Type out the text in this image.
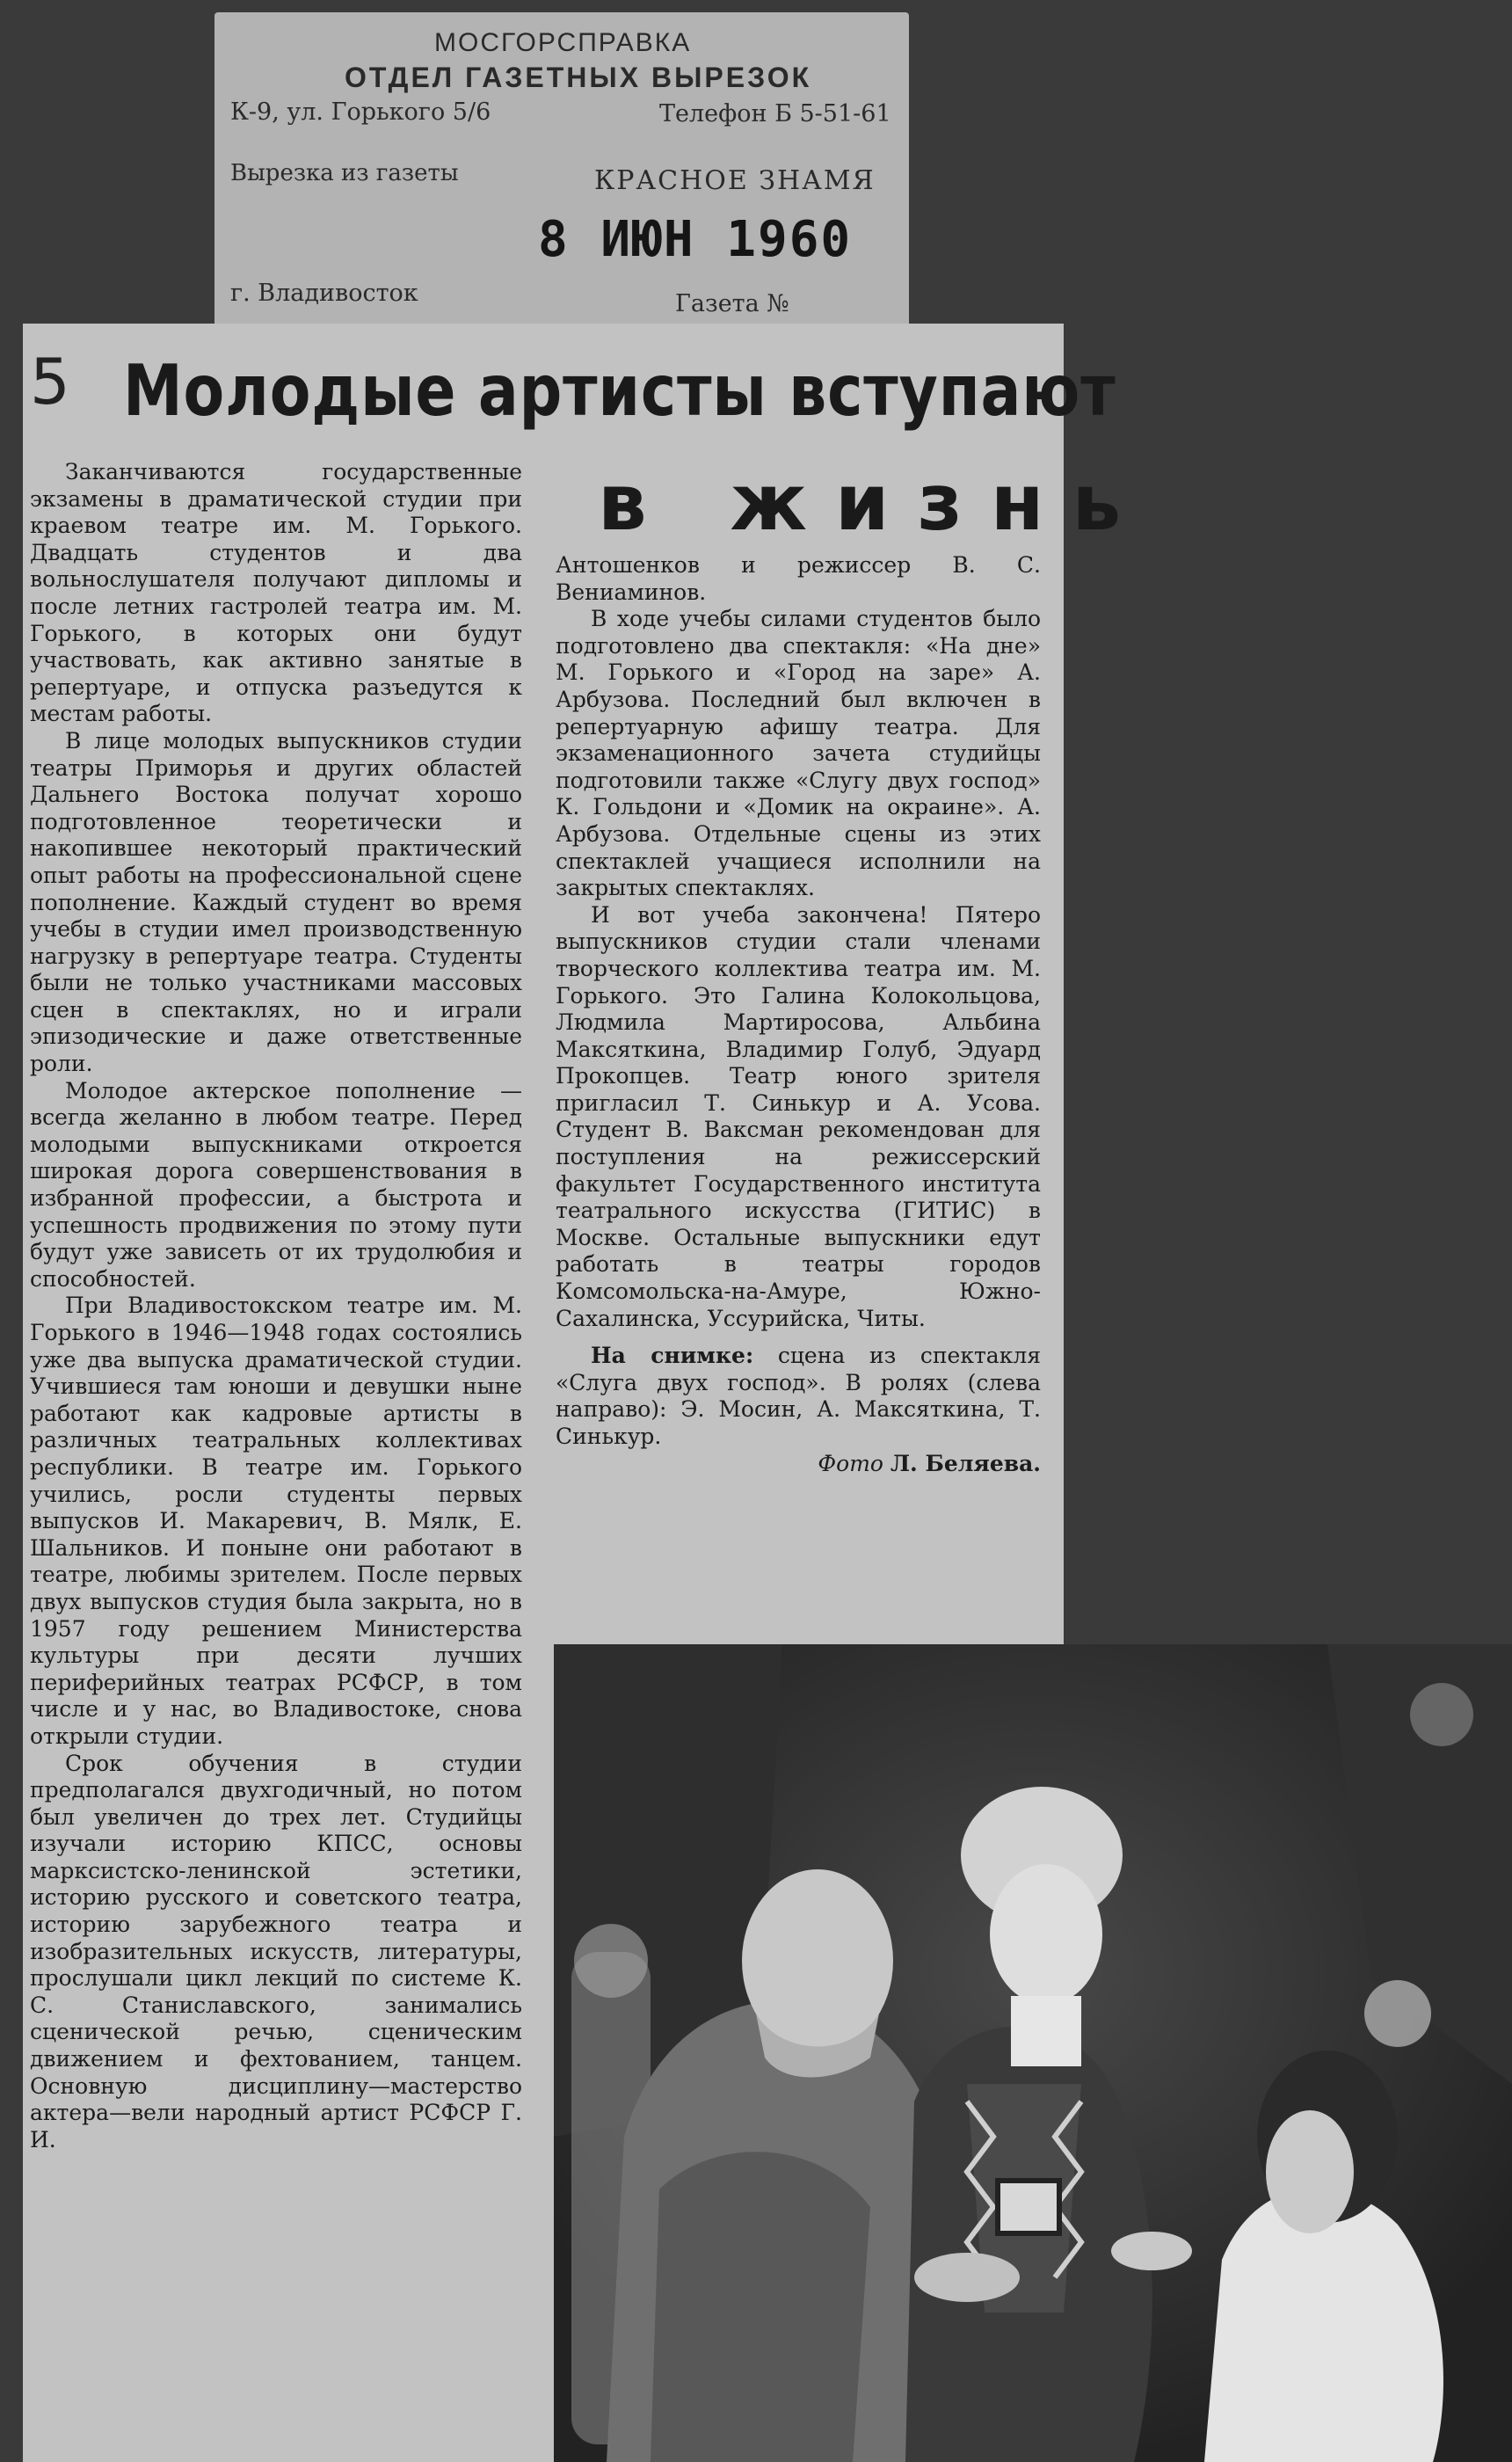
МОСГОРСПРАВКА
ОТДЕЛ ГАЗЕТНЫХ ВЫРЕЗОК
К-9, ул. Горького 5/6	Телефон Б 5-51-61
Вырезка из газеты	КРАСНОЕ ЗНАМЯ
8 ИЮН 1960
г. Владивосток	Газета №
5 Молодые артисты вступают
в жизнь

Заканчиваются государственные экзамены в драматической студии при краевом театре им. М. Горького. Двадцать студентов и два вольнослушателя получают дипломы и после летних гастролей театра им. М. Горького, в которых они будут участвовать, как активно занятые в репертуаре, и отпуска разъедутся к местам работы.

В лице молодых выпускников студии театры Приморья и других областей Дальнего Востока получат хорошо подготовленное теоретически и накопившее некоторый практический опыт работы на профессиональной сцене пополнение. Каждый студент во время учебы в студии имел производственную нагрузку в репертуаре театра. Студенты были не только участниками массовых сцен в спектаклях, но и играли эпизодические и даже ответственные роли.

Молодое актерское пополнение — всегда желанно в любом театре. Перед молодыми выпускниками откроется широкая дорога совершенствования в избранной профессии, а быстрота и успешность продвижения по этому пути будут уже зависеть от их трудолюбия и способностей.

При Владивостокском театре им. М. Горького в 1946—1948 годах состоялись уже два выпуска драматической студии. Учившиеся там юноши и девушки ныне работают как кадровые артисты в различных театральных коллективах республики. В театре им. Горького учились, росли студенты первых выпусков И. Макаревич, В. Мялк, Е. Шальников. И поныне они работают в театре, любимы зрителем. После первых двух выпусков студия была закрыта, но в 1957 году решением Министерства культуры при десяти лучших периферийных театрах РСФСР, в том числе и у нас, во Владивостоке, снова открыли студии.

Срок обучения в студии предполагался двухгодичный, но потом был увеличен до трех лет. Студийцы изучали историю КПСС, основы марксистско-ленинской эстетики, историю русского и советского театра, историю зарубежного театра и изобразительных искусств, литературы, прослушали цикл лекций по системе К. С. Станиславского, занимались сценической речью, сценическим движением и фехтованием, танцем. Основную дисциплину—мастерство актера—вели народный артист РСФСР Г. И.

Антошенков и режиссер В. С. Вениаминов.

В ходе учебы силами студентов было подготовлено два спектакля: «На дне» М. Горького и «Город на заре» А. Арбузова. Последний был включен в репертуарную афишу театра. Для экзаменационного зачета студийцы подготовили также «Слугу двух господ» К. Гольдони и «Домик на окраине». А. Арбузова. Отдельные сцены из этих спектаклей учащиеся исполнили на закрытых спектаклях.

И вот учеба закончена! Пятеро выпускников студии стали членами творческого коллектива театра им. М. Горького. Это Галина Колокольцова, Людмила Мартиросова, Альбина Максяткина, Владимир Голуб, Эдуард Прокопцев. Театр юного зрителя пригласил Т. Синькур и А. Усова. Студент В. Ваксман рекомендован для поступления на режиссерский факультет Государственного института театрального искусства (ГИТИС) в Москве. Остальные выпускники едут работать в театры городов Комсомольска-на-Амуре, Южно-Сахалинска, Уссурийска, Читы.

На снимке: сцена из спектакля «Слуга двух господ». В ролях (слева направо): Э. Мосин, А. Максяткина, Т. Синькур.

Фото Л. Беляева.
